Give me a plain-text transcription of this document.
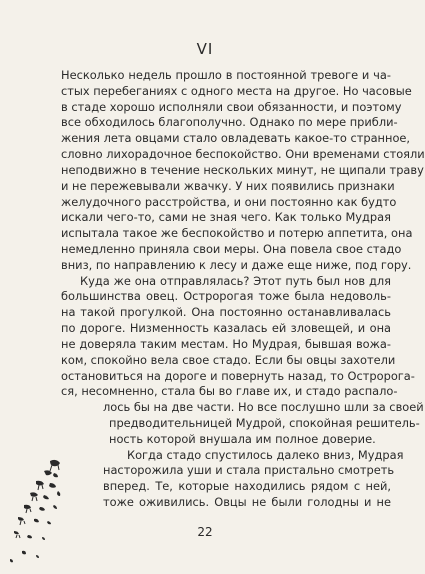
VI
Несколько недель прошло в постоянной тревоге и ча-
стых перебеганиях с одного места на другое. Но часовые
в стаде хорошо исполняли свои обязанности, и поэтому
все обходилось благополучно. Однако по мере прибли-
жения лета овцами стало овладевать какое-то странное,
словно лихорадочное беспокойство. Они временами стояли
неподвижно в течение нескольких минут, не щипали траву
и не пережевывали жвачку. У них появились признаки
желудочного расстройства, и они постоянно как будто
искали чего-то, сами не зная чего. Как только Мудрая
испытала такое же беспокойство и потерю аппетита, она
немедленно приняла свои меры. Она повела свое стадо
вниз, по направлению к лесу и даже еще ниже, под гору.
Куда же она отправлялась? Этот путь был нов для
большинства овец. Остророгая тоже была недоволь-
на такой прогулкой. Она постоянно останавливалась
по дороге. Низменность казалась ей зловещей, и она
не доверяла таким местам. Но Мудрая, бывшая вожа-
ком, спокойно вела свое стадо. Если бы овцы захотели
остановиться на дороге и повернуть назад, то Остророга-
ся, несомненно, стала бы во главе их, и стадо распало-
лось бы на две части. Но все послушно шли за своей
предводительницей Мудрой, спокойная решитель-
ность которой внушала им полное доверие.
Когда стадо спустилось далеко вниз, Мудрая
насторожила уши и стала пристально смотреть
вперед. Те, которые находились рядом с ней,
тоже оживились. Овцы не были голодны и не
22
